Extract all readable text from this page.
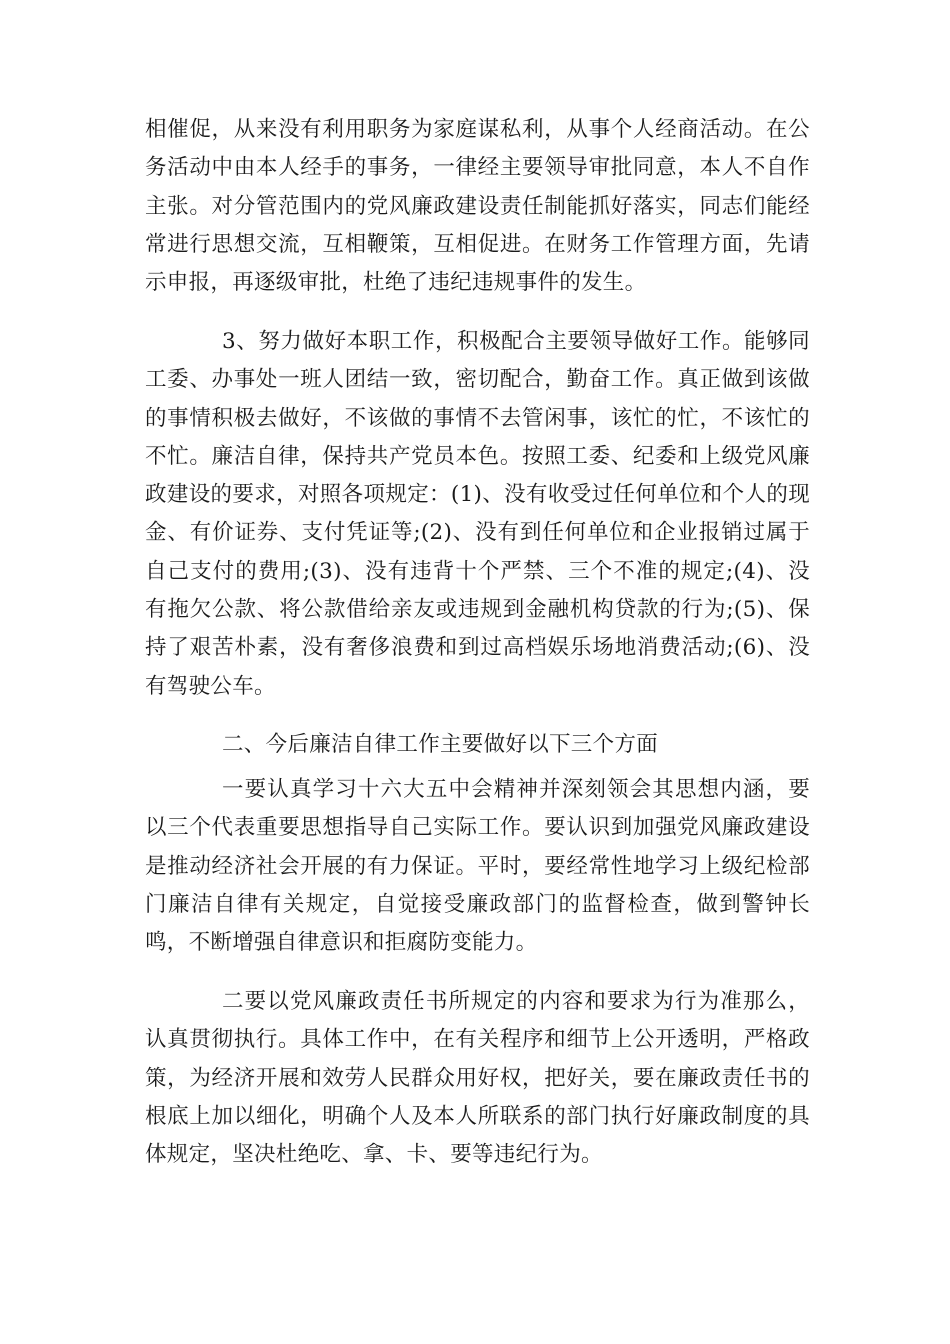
相催促，从来没有利用职务为家庭谋私利，从事个人经商活动。在公务活动中由本人经手的事务，一律经主要领导审批同意，本人不自作主张。对分管范围内的党风廉政建设责任制能抓好落实，同志们能经常进行思想交流，互相鞭策，互相促进。在财务工作管理方面，先请示申报，再逐级审批，杜绝了违纪违规事件的发生。

3、努力做好本职工作，积极配合主要领导做好工作。能够同工委、办事处一班人团结一致，密切配合，勤奋工作。真正做到该做的事情积极去做好，不该做的事情不去管闲事，该忙的忙，不该忙的不忙。廉洁自律，保持共产党员本色。按照工委、纪委和上级党风廉政建设的要求，对照各项规定：(1)、没有收受过任何单位和个人的现金、有价证券、支付凭证等;(2)、没有到任何单位和企业报销过属于自己支付的费用;(3)、没有违背十个严禁、三个不准的规定;(4)、没有拖欠公款、将公款借给亲友或违规到金融机构贷款的行为;(5)、保持了艰苦朴素，没有奢侈浪费和到过高档娱乐场地消费活动;(6)、没有驾驶公车。

二、今后廉洁自律工作主要做好以下三个方面

一要认真学习十六大五中会精神并深刻领会其思想内涵，要以三个代表重要思想指导自己实际工作。要认识到加强党风廉政建设是推动经济社会开展的有力保证。平时，要经常性地学习上级纪检部门廉洁自律有关规定，自觉接受廉政部门的监督检查，做到警钟长鸣，不断增强自律意识和拒腐防变能力。

二要以党风廉政责任书所规定的内容和要求为行为准那么，认真贯彻执行。具体工作中，在有关程序和细节上公开透明，严格政策，为经济开展和效劳人民群众用好权，把好关，要在廉政责任书的根底上加以细化，明确个人及本人所联系的部门执行好廉政制度的具体规定，坚决杜绝吃、拿、卡、要等违纪行为。
